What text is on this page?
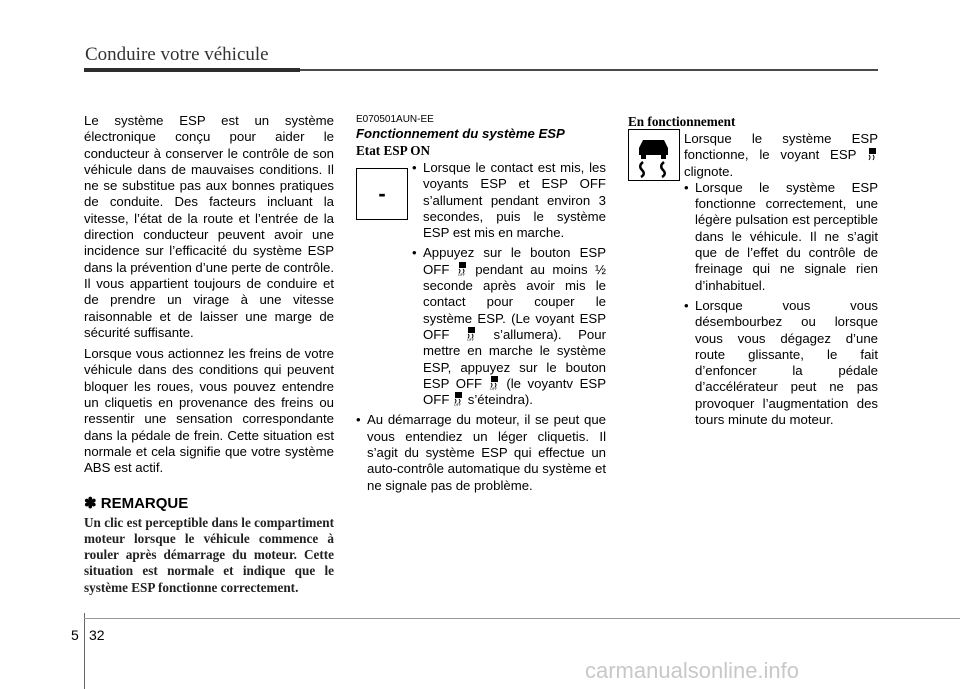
Conduire votre véhicule

Le système ESP est un système électronique conçu pour aider le conducteur à conserver le contrôle de son véhicule dans de mauvaises conditions. Il ne se substitue pas aux bonnes pratiques de conduite. Des facteurs incluant la vitesse, l’état de la route et l’entrée de la direction conducteur peuvent avoir une incidence sur l’efficacité du système ESP dans la prévention d’une perte de contrôle. Il vous appartient toujours de conduire et de prendre un virage à une vitesse raisonnable et de laisser une marge de sécurité suffisante.

Lorsque vous actionnez les freins de votre véhicule dans des conditions qui peuvent bloquer les roues, vous pouvez entendre un cliquetis en provenance des freins ou ressentir une sensation correspondante dans la pédale de frein. Cette situation est normale et cela signifie que votre système ABS est actif.

✽ REMARQUE
Un clic est perceptible dans le compartiment moteur lorsque le véhicule commence à rouler après démarrage du moteur. Cette situation est normale et indique que le système ESP fonctionne correctement.
E070501AUN-EE
Fonctionnement du système ESP
Etat ESP ON
• Lorsque le contact est mis, les voyants ESP et ESP OFF s’allument pendant environ 3 secondes, puis le système ESP est mis en marche.
• Appuyez sur le bouton ESP OFF OFF pendant au moins ½ seconde après avoir mis le contact pour couper le système ESP. (Le voyant ESP OFF	OFF s’allumera). Pour mettre en marche le système ESP, appuyez sur le bouton ESP OFF OFF (le voyantv ESP OFF OFF s’éteindra).
• Au démarrage du moteur, il se peut que vous entendiez un léger cliquetis. Il s’agit du système ESP qui effectue un auto-contrôle automatique du système et ne signale pas de problème.
-
En fonctionnement

Lorsque le système ESP fonctionne, le voyant ESP  clignote.

• Lorsque le système ESP fonctionne correctement, une légère pulsation est perceptible dans le véhicule. Il ne s’agit que de l’effet du contrôle de freinage qui ne signale rien d’inhabituel.
• Lorsque vous vous désembourbez ou lorsque vous vous dégagez d’une route glissante, le fait d’enfoncer la pédale d’accélérateur peut ne pas provoquer l’augmentation des tours minute du moteur.
5 32
carmanualsonline.info
